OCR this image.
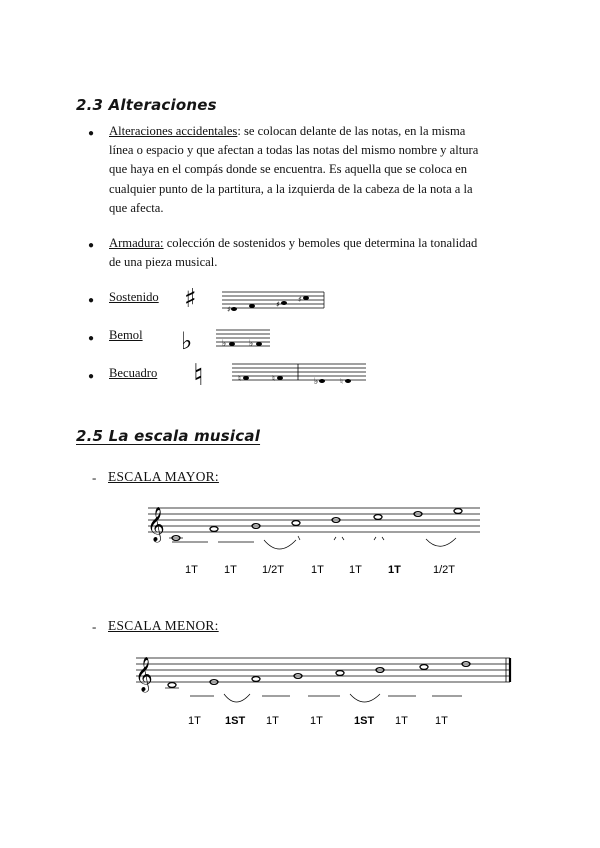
2.3 Alteraciones
● Alteraciones accidentales: se colocan delante de las notas, en la misma
línea o espacio y que afectan a todas las notas del mismo nombre y altura
que haya en el compás donde se encuentra. Es aquella que se coloca en
cualquier punto de la partitura, a la izquierda de la cabeza de la nota a la
que afecta.
● Armadura: colección de sostenidos y bemoles que determina la tonalidad
de una pieza musical.
● Sostenido ♯	♯
♯
♯
● Bemol ♭	♭	♭
● Becuadro ♮	♮	♮	♭	♮
2.5 La escala musical
- ESCALA MAYOR:
𝄞
1T 1T 1/2T 1T 1T 1T	1/2T
- ESCALA MENOR:
𝄞
1T 1ST 1T	1T	1ST 1T 1T
